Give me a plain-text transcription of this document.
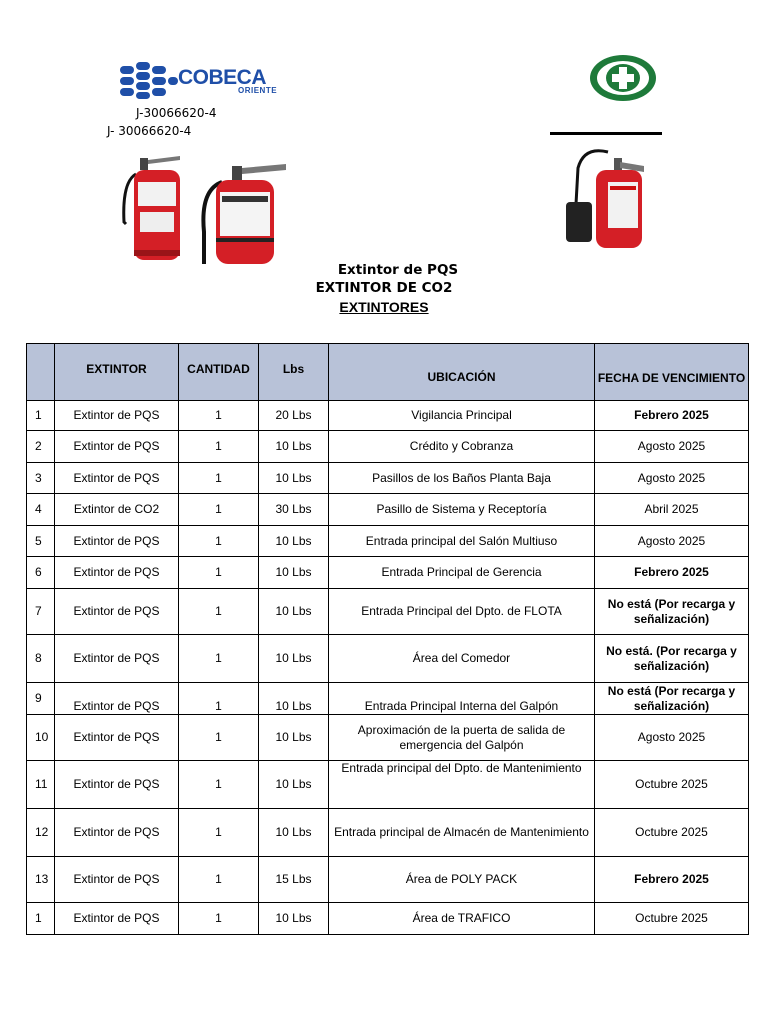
COBECA
ORIENTE
J-30066620-4
J- 30066620-4
Extintor de PQS
EXTINTOR DE CO2
EXTINTORES
	EXTINTOR	CANTIDAD	Lbs	UBICACIÓN	FECHA DE VENCIMIENTO
1	Extintor de PQS	1	20 Lbs	Vigilancia Principal	Febrero 2025
2	Extintor de PQS	1	10 Lbs	Crédito y Cobranza	Agosto 2025
3	Extintor de PQS	1	10 Lbs	Pasillos de los Baños Planta Baja	Agosto 2025
4	Extintor de CO2	1	30 Lbs	Pasillo de Sistema y Receptoría	Abril 2025
5	Extintor de PQS	1	10 Lbs	Entrada principal del Salón Multiuso	Agosto 2025
6	Extintor de PQS	1	10 Lbs	Entrada Principal de Gerencia	Febrero 2025
7	Extintor de PQS	1	10 Lbs	Entrada Principal del Dpto. de FLOTA	No está (Por recarga y señalización)
8	Extintor de PQS	1	10 Lbs	Área del Comedor	No está. (Por recarga y señalización)
9	Extintor de PQS	1	10 Lbs	Entrada Principal Interna del Galpón	No está (Por recarga y señalización)
10	Extintor de PQS	1	10 Lbs	Aproximación de la puerta de salida de emergencia del Galpón	Agosto 2025
11	Extintor de PQS	1	10 Lbs	Entrada principal del Dpto. de Mantenimiento	Octubre 2025
12	Extintor de PQS	1	10 Lbs	Entrada principal de Almacén de Mantenimiento	Octubre 2025
13	Extintor de PQS	1	15 Lbs	Área de POLY PACK	Febrero 2025
1	Extintor de PQS	1	10 Lbs	Área de TRAFICO	Octubre 2025
